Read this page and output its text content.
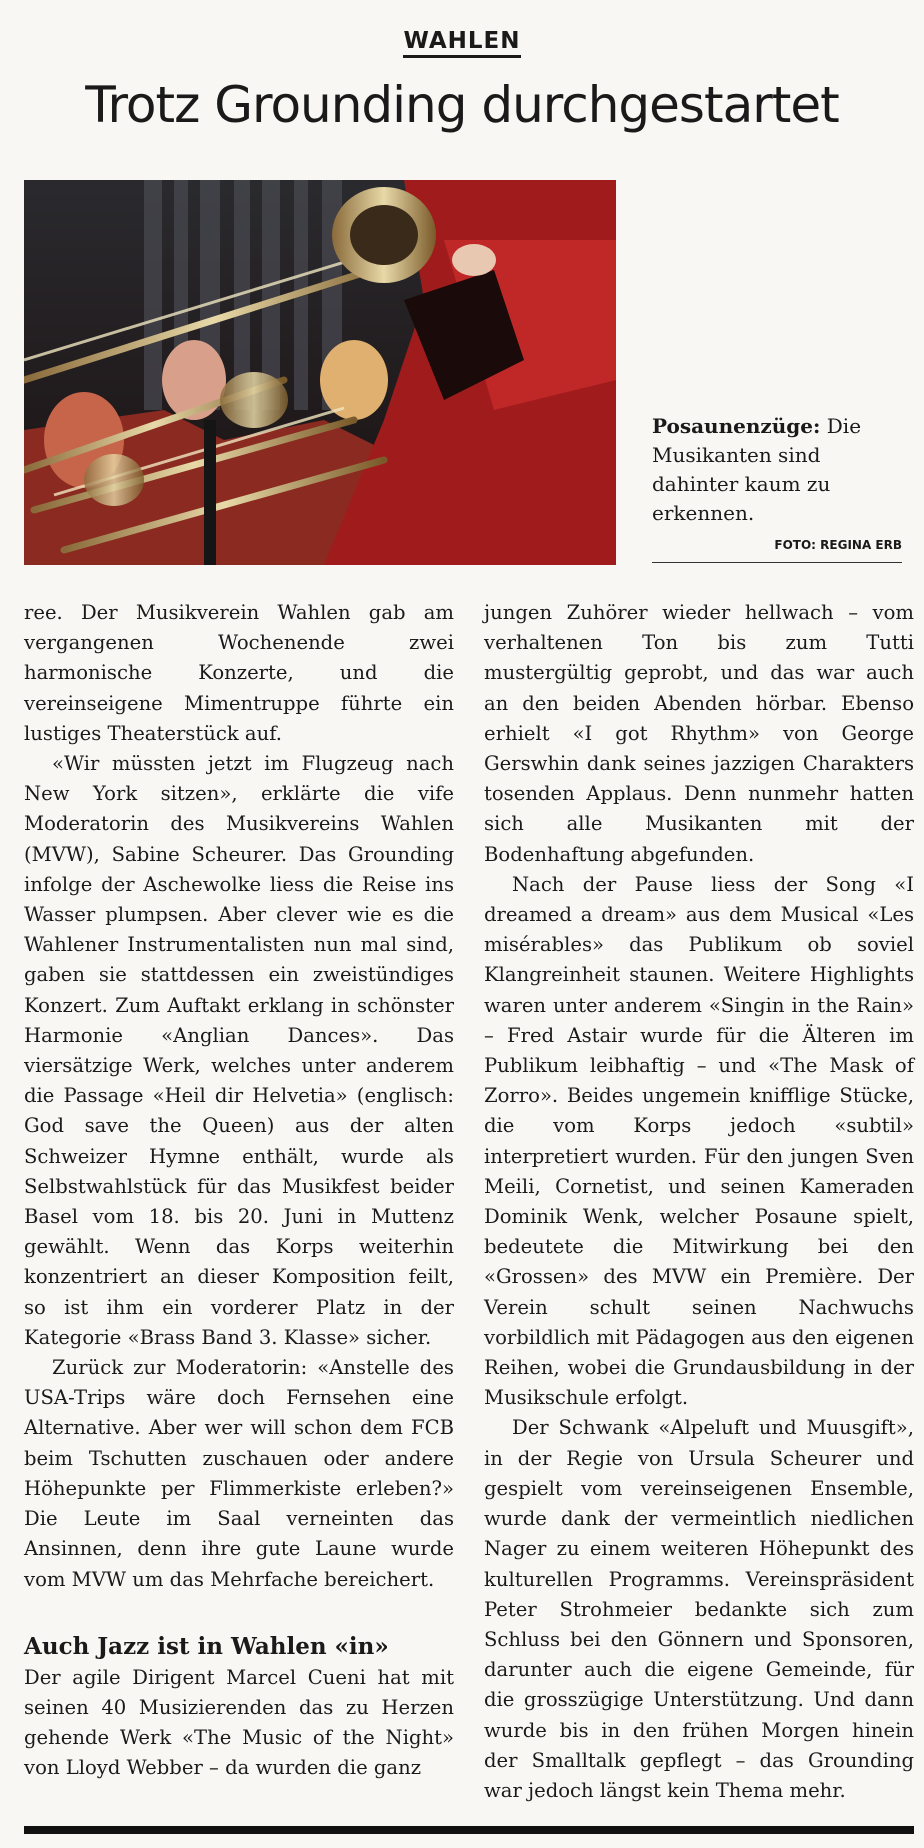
WAHLEN
Trotz Grounding durchgestartet
Posaunenzüge: Die Musikanten sind dahinter kaum zu erkennen.
FOTO: REGINA ERB

ree. Der Musikverein Wahlen gab am vergangenen Wochenende zwei harmonische Konzerte, und die vereinseigene Mimentruppe führte ein lustiges Theaterstück auf.

«Wir müssten jetzt im Flugzeug nach New York sitzen», erklärte die vife Moderatorin des Musikvereins Wahlen (MVW), Sabine Scheurer. Das Grounding infolge der Aschewolke liess die Reise ins Wasser plumpsen. Aber clever wie es die Wahlener Instrumentalisten nun mal sind, gaben sie stattdessen ein zweistündiges Konzert. Zum Auftakt erklang in schönster Harmonie «Anglian Dances». Das viersätzige Werk, welches unter anderem die Passage «Heil dir Helvetia» (englisch: God save the Queen) aus der alten Schweizer Hymne enthält, wurde als Selbstwahlstück für das Musikfest beider Basel vom 18. bis 20. Juni in Muttenz gewählt. Wenn das Korps weiterhin konzentriert an dieser Komposition feilt, so ist ihm ein vorderer Platz in der Kategorie «Brass Band 3. Klasse» sicher.

Zurück zur Moderatorin: «Anstelle des USA-Trips wäre doch Fernsehen eine Alternative. Aber wer will schon dem FCB beim Tschutten zuschauen oder andere Höhepunkte per Flimmerkiste erleben?» Die Leute im Saal verneinten das Ansinnen, denn ihre gute Laune wurde vom MVW um das Mehrfache bereichert.

Auch Jazz ist in Wahlen «in»

Der agile Dirigent Marcel Cueni hat mit seinen 40 Musizierenden das zu Herzen gehende Werk «The Music of the Night» von Lloyd Webber – da wurden die ganz

jungen Zuhörer wieder hellwach – vom verhaltenen Ton bis zum Tutti mustergültig geprobt, und das war auch an den beiden Abenden hörbar. Ebenso erhielt «I got Rhythm» von George Gerswhin dank seines jazzigen Charakters tosenden Applaus. Denn nunmehr hatten sich alle Musikanten mit der Bodenhaftung abgefunden.

Nach der Pause liess der Song «I dreamed a dream» aus dem Musical «Les misérables» das Publikum ob soviel Klangreinheit staunen. Weitere Highlights waren unter anderem «Singin in the Rain» – Fred Astair wurde für die Älteren im Publikum leibhaftig – und «The Mask of Zorro». Beides ungemein knifflige Stücke, die vom Korps jedoch «subtil» interpretiert wurden. Für den jungen Sven Meili, Cornetist, und seinen Kameraden Dominik Wenk, welcher Posaune spielt, bedeutete die Mitwirkung bei den «Grossen» des MVW ein Première. Der Verein schult seinen Nachwuchs vorbildlich mit Pädagogen aus den eigenen Reihen, wobei die Grundausbildung in der Musikschule erfolgt.

Der Schwank «Alpeluft und Muusgift», in der Regie von Ursula Scheurer und gespielt vom vereinseigenen Ensemble, wurde dank der vermeintlich niedlichen Nager zu einem weiteren Höhepunkt des kulturellen Programms. Vereinspräsident Peter Strohmeier bedankte sich zum Schluss bei den Gönnern und Sponsoren, darunter auch die eigene Gemeinde, für die grosszügige Unterstützung. Und dann wurde bis in den frühen Morgen hinein der Smalltalk gepflegt – das Grounding war jedoch längst kein Thema mehr.
